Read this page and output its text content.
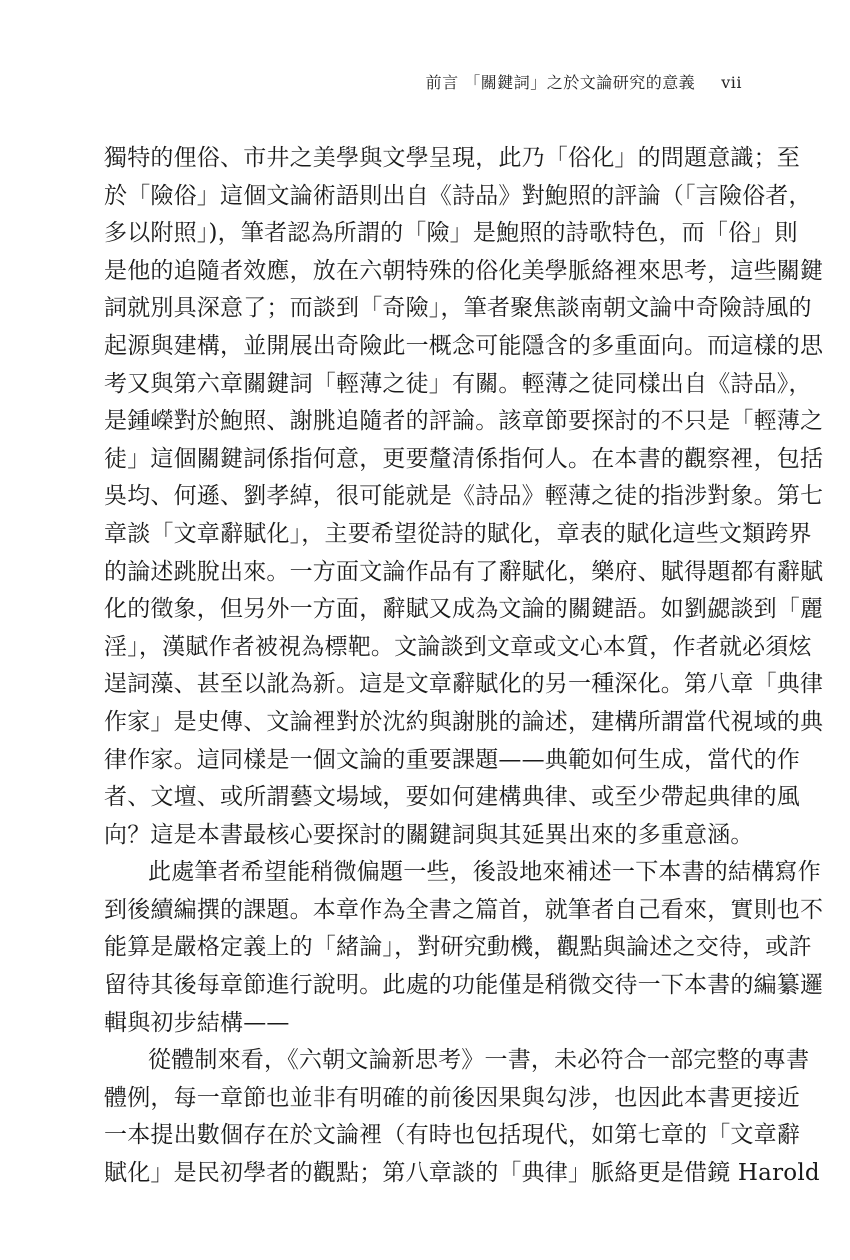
前言 「關鍵詞」之於文論研究的意義 vii
獨特的俚俗、市井之美學與文學呈現，此乃「俗化」的問題意識；至
於「險俗」這個文論術語則出自《詩品》對鮑照的評論（「言險俗者，
多以附照」)，筆者認為所謂的「險」是鮑照的詩歌特色，而「俗」則
是他的追隨者效應，放在六朝特殊的俗化美學脈絡裡來思考，這些關鍵
詞就別具深意了；而談到「奇險」，筆者聚焦談南朝文論中奇險詩風的
起源與建構，並開展出奇險此一概念可能隱含的多重面向。而這樣的思
考又與第六章關鍵詞「輕薄之徒」有關。輕薄之徒同樣出自《詩品》，
是鍾嶸對於鮑照、謝朓追隨者的評論。該章節要探討的不只是「輕薄之
徒」這個關鍵詞係指何意，更要釐清係指何人。在本書的觀察裡，包括
吳均、何遜、劉孝綽，很可能就是《詩品》輕薄之徒的指涉對象。第七
章談「文章辭賦化」，主要希望從詩的賦化，章表的賦化這些文類跨界
的論述跳脫出來。一方面文論作品有了辭賦化，樂府、賦得題都有辭賦
化的徵象，但另外一方面，辭賦又成為文論的關鍵語。如劉勰談到「麗
淫」，漢賦作者被視為標靶。文論談到文章或文心本質，作者就必須炫
逞詞藻、甚至以訛為新。這是文章辭賦化的另一種深化。第八章「典律
作家」是史傳、文論裡對於沈約與謝朓的論述，建構所謂當代視域的典
律作家。這同樣是一個文論的重要課題——典範如何生成，當代的作
者、文壇、或所謂藝文場域，要如何建構典律、或至少帶起典律的風
向？這是本書最核心要探討的關鍵詞與其延異出來的多重意涵。
此處筆者希望能稍微偏題一些，後設地來補述一下本書的結構寫作
到後續編撰的課題。本章作為全書之篇首，就筆者自己看來，實則也不
能算是嚴格定義上的「緒論」，對研究動機，觀點與論述之交待，或許
留待其後每章節進行說明。此處的功能僅是稍微交待一下本書的編纂邏
輯與初步結構——
從體制來看，《六朝文論新思考》一書，未必符合一部完整的專書
體例，每一章節也並非有明確的前後因果與勾涉，也因此本書更接近
一本提出數個存在於文論裡（有時也包括現代，如第七章的「文章辭
賦化」是民初學者的觀點；第八章談的「典律」脈絡更是借鏡 Harold
